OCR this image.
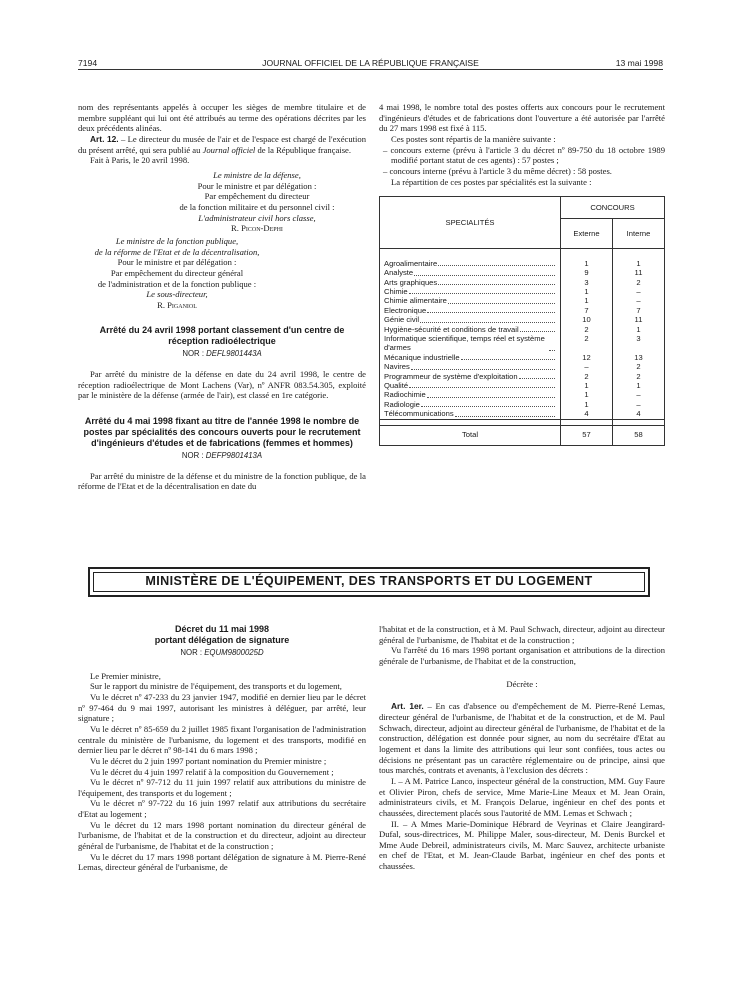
7194	JOURNAL OFFICIEL DE LA RÉPUBLIQUE FRANÇAISE	13 mai 1998

nom des représentants appelés à occuper les sièges de membre titulaire et de membre suppléant qui lui ont été attribués au terme des opérations décrites par les deux précédents alinéas.

Art. 12. – Le directeur du musée de l'air et de l'espace est chargé de l'exécution du présent arrêté, qui sera publié au Journal officiel de la République française.

Fait à Paris, le 20 avril 1998.

Le ministre de la défense,

Pour le ministre et par délégation :

Par empêchement du directeur

de la fonction militaire et du personnel civil :

L'administrateur civil hors classe,

R. Picon-Dephi

Le ministre de la fonction publique,

de la réforme de l'Etat et de la décentralisation,

Pour le ministre et par délégation :

Par empêchement du directeur général

de l'administration et de la fonction publique :

Le sous-directeur,

R. Piganiol

Arrêté du 24 avril 1998 portant classement d'un centre de réception radioélectrique

NOR : DEFL9801443A

Par arrêté du ministre de la défense en date du 24 avril 1998, le centre de réception radioélectrique de Mont Lachens (Var), nº ANFR 083.54.305, exploité par le ministère de la défense (armée de l'air), est classé en 1re catégorie.

Arrêté du 4 mai 1998 fixant au titre de l'année 1998 le nombre de postes par spécialités des concours ouverts pour le recrutement d'ingénieurs d'études et de fabrications (femmes et hommes)

NOR : DEFP9801413A

Par arrêté du ministre de la défense et du ministre de la fonction publique, de la réforme de l'Etat et de la décentralisation en date du

4 mai 1998, le nombre total des postes offerts aux concours pour le recrutement d'ingénieurs d'études et de fabrications dont l'ouverture a été autorisée par l'arrêté du 27 mars 1998 est fixé à 115.

Ces postes sont répartis de la manière suivante :

– concours externe (prévu à l'article 3 du décret nº 89-750 du 18 octobre 1989 modifié portant statut de ces agents) : 57 postes ;

– concours interne (prévu à l'article 3 du même décret) : 58 postes.

La répartition de ces postes par spécialités est la suivante :

SPECIALITÉS	CONCOURS	
	Externe	Interne

Agroalimentaire	1	1

Analyste	9	11

Arts graphiques	3	2

Chimie	1	–

Chimie alimentaire	1	–

Electronique	7	7

Génie civil	10	11

Hygiène-sécurité et conditions de travail	2	1

Informatique scientifique, temps réel et système d'armes	2	3

Mécanique industrielle	12	13

Navires	–	2

Programmeur de système d'exploitation	2	2

Qualité	1	1

Radiochimie	1	–

Radiologie	1	–

Télécommunications	4	4

Total	57	58
MINISTÈRE DE L'ÉQUIPEMENT, DES TRANSPORTS ET DU LOGEMENT

Décret du 11 mai 1998

portant délégation de signature

NOR : EQUM9800025D

Le Premier ministre,

Sur le rapport du ministre de l'équipement, des transports et du logement,

Vu le décret nº 47-233 du 23 janvier 1947, modifié en dernier lieu par le décret nº 97-464 du 9 mai 1997, autorisant les ministres à déléguer, par arrêté, leur signature ;

Vu le décret nº 85-659 du 2 juillet 1985 fixant l'organisation de l'administration centrale du ministère de l'urbanisme, du logement et des transports, modifié en dernier lieu par le décret nº 98-141 du 6 mars 1998 ;

Vu le décret du 2 juin 1997 portant nomination du Premier ministre ;

Vu le décret du 4 juin 1997 relatif à la composition du Gouvernement ;

Vu le décret nº 97-712 du 11 juin 1997 relatif aux attributions du ministre de l'équipement, des transports et du logement ;

Vu le décret nº 97-722 du 16 juin 1997 relatif aux attributions du secrétaire d'Etat au logement ;

Vu le décret du 12 mars 1998 portant nomination du directeur général de l'urbanisme, de l'habitat et de la construction et du directeur, adjoint au directeur général de l'urbanisme, de l'habitat et de la construction ;

Vu le décret du 17 mars 1998 portant délégation de signature à M. Pierre-René Lemas, directeur général de l'urbanisme, de

l'habitat et de la construction, et à M. Paul Schwach, directeur, adjoint au directeur général de l'urbanisme, de l'habitat et de la construction ;

Vu l'arrêté du 16 mars 1998 portant organisation et attributions de la direction générale de l'urbanisme, de l'habitat et de la construction,

Décrète :

Art. 1er. – En cas d'absence ou d'empêchement de M. Pierre-René Lemas, directeur général de l'urbanisme, de l'habitat et de la construction, et de M. Paul Schwach, directeur, adjoint au directeur général de l'urbanisme, de l'habitat et de la construction, délégation est donnée pour signer, au nom du secrétaire d'Etat au logement et dans la limite des attributions qui leur sont confiées, tous actes ou décisions ne présentant pas un caractère réglementaire ou de principe, ainsi que tous marchés, contrats et avenants, à l'exclusion des décrets :

I. – A M. Patrice Lanco, inspecteur général de la construction, MM. Guy Faure et Olivier Piron, chefs de service, Mme Marie-Line Meaux et M. Jean Orain, administrateurs civils, et M. François Delarue, ingénieur en chef des ponts et chaussées, directement placés sous l'autorité de MM. Lemas et Schwach ;

II. – A Mmes Marie-Dominique Hébrard de Veyrinas et Claire Jeangirard-Dufal, sous-directrices, M. Philippe Maler, sous-directeur, M. Denis Burckel et Mme Aude Debreil, administrateurs civils, M. Marc Sauvez, architecte urbaniste en chef de l'Etat, et M. Jean-Claude Barbat, ingénieur en chef des ponts et chaussées.
